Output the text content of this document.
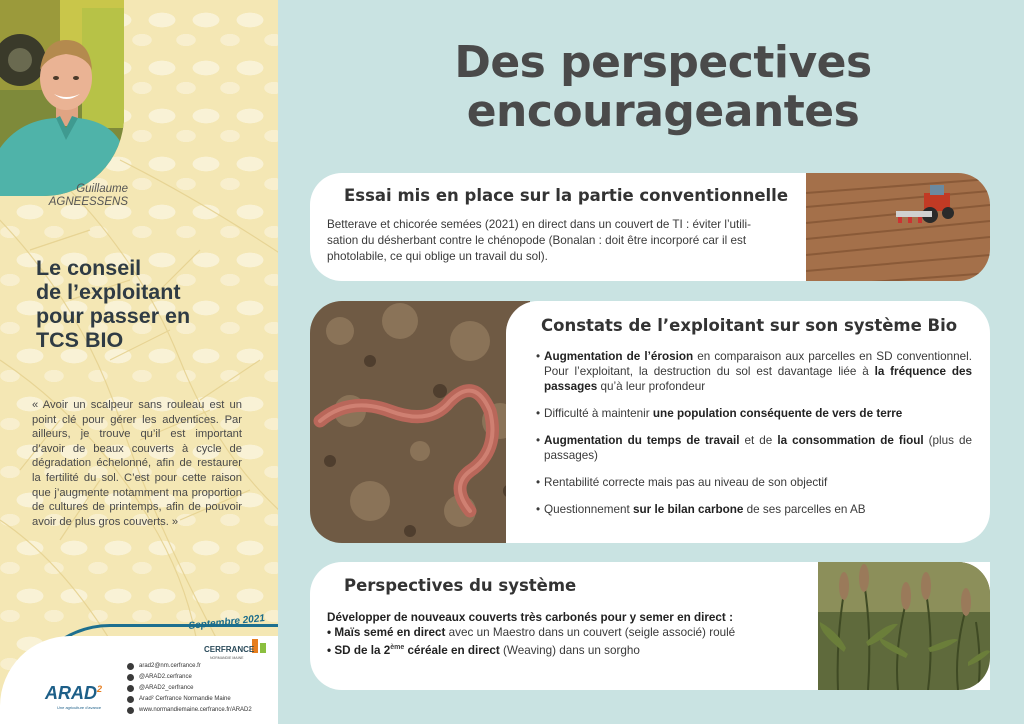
Guillaume
AGNEESSENS
Le conseil
de l’exploitant
pour passer en
TCS BIO

« Avoir un scalpeur sans rouleau est un point clé pour gérer les adventices. Par ailleurs, je trouve qu’il est important d’avoir de beaux couverts à cycle de dégradation échelonné, afin de restaurer la fertilité du sol. C’est pour cette raison que j’augmente notamment ma proportion de cultures de printemps, afin de pouvoir avoir de plus gros couverts. »

Septembre 2021
ARAD$^2$
Une agriculture d'avance
CERFRANCE
NORMANDIE MAINE
arad2@nm.cerfrance.fr
@ARAD2.cerfrance
@ARAD2_cerfrance
Arad² Cerfrance Normandie Maine
www.normandiemaine.cerfrance.fr/ARAD2
Des perspectives
encourageantes
Essai mis en place sur la partie conventionnelle
Betterave et chicorée semées (2021) en direct dans un couvert de TI : éviter l’utili-
sation du désherbant contre le chénopode (Bonalan : doit être incorporé car il est
photolabile, ce qui oblige un travail du sol).
Constats de l’exploitant sur son système Bio
• Augmentation de l’érosion en comparaison aux parcelles en SD conventionnel. Pour l’exploitant, la destruction du sol est davantage liée à la fréquence des passages qu’à leur profondeur
• Difficulté à maintenir une population conséquente de vers de terre
• Augmentation du temps de travail et de la consommation de fioul (plus de passages)
• Rentabilité correcte mais pas au niveau de son objectif
• Questionnement sur le bilan carbone de ses parcelles en AB
Perspectives du système
Développer de nouveaux couverts très carbonés pour y semer en direct :
• Maïs semé en direct avec un Maestro dans un couvert (seigle associé) roulé
• SD de la 2ème céréale en direct (Weaving) dans un sorgho
